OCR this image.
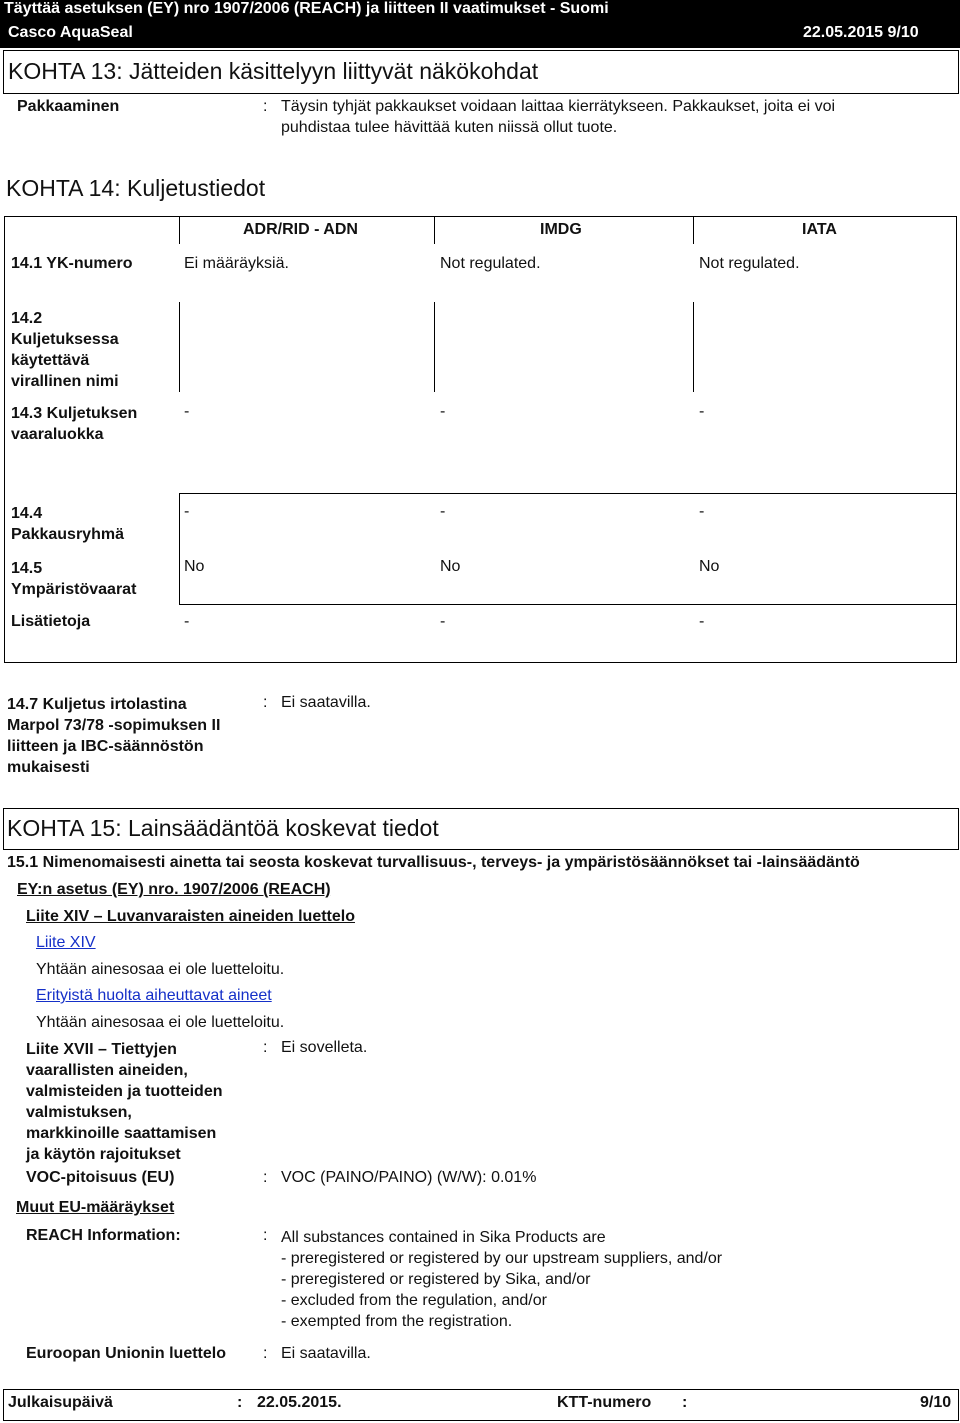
Täyttää asetuksen (EY) nro 1907/2006 (REACH) ja liitteen II vaatimukset - Suomi
Casco AquaSeal	22.05.2015 9/10
KOHTA 13: Jätteiden käsittelyyn liittyvät näkökohdat
Pakkaaminen	: Täysin tyhjät pakkaukset voidaan laittaa kierrätykseen. Pakkaukset, joita ei voi
puhdistaa tulee hävittää kuten niissä ollut tuote.
KOHTA 14: Kuljetustiedot
ADR/RID - ADN	IMDG	IATA
14.1 YK-numero	Ei määräyksiä.	Not regulated.	Not regulated.
14.2
Kuljetuksessa
käytettävä
virallinen nimi
14.3 Kuljetuksen
vaaraluokka
-	-	-
14.4
Pakkausryhmä
-	-	-
14.5
Ympäristövaarat
No	No	No
Lisätietoja	-	-	-
14.7 Kuljetus irtolastina
Marpol 73/78 -sopimuksen II
liitteen ja IBC-säännöstön
mukaisesti
: Ei saatavilla.
KOHTA 15: Lainsäädäntöä koskevat tiedot
15.1 Nimenomaisesti ainetta tai seosta koskevat turvallisuus-, terveys- ja ympäristösäännökset tai -lainsäädäntö
EY:n asetus (EY) nro. 1907/2006 (REACH)
Liite XIV – Luvanvaraisten aineiden luettelo
Liite XIV
Yhtään ainesosaa ei ole luetteloitu.
Erityistä huolta aiheuttavat aineet
Yhtään ainesosaa ei ole luetteloitu.
Liite XVII – Tiettyjen
vaarallisten aineiden,
valmisteiden ja tuotteiden
valmistuksen,
markkinoille saattamisen
ja käytön rajoitukset
: Ei sovelleta.
VOC-pitoisuus (EU)	: VOC (PAINO/PAINO) (W/W): 0.01%
Muut EU-määräykset
REACH Information:	: All substances contained in Sika Products are
- preregistered or registered by our upstream suppliers, and/or
- preregistered or registered by Sika, and/or
- excluded from the regulation, and/or
- exempted from the registration.
Euroopan Unionin luettelo : Ei saatavilla.
Julkaisupäivä	: 22.05.2015.	KTT-numero :	9/10
